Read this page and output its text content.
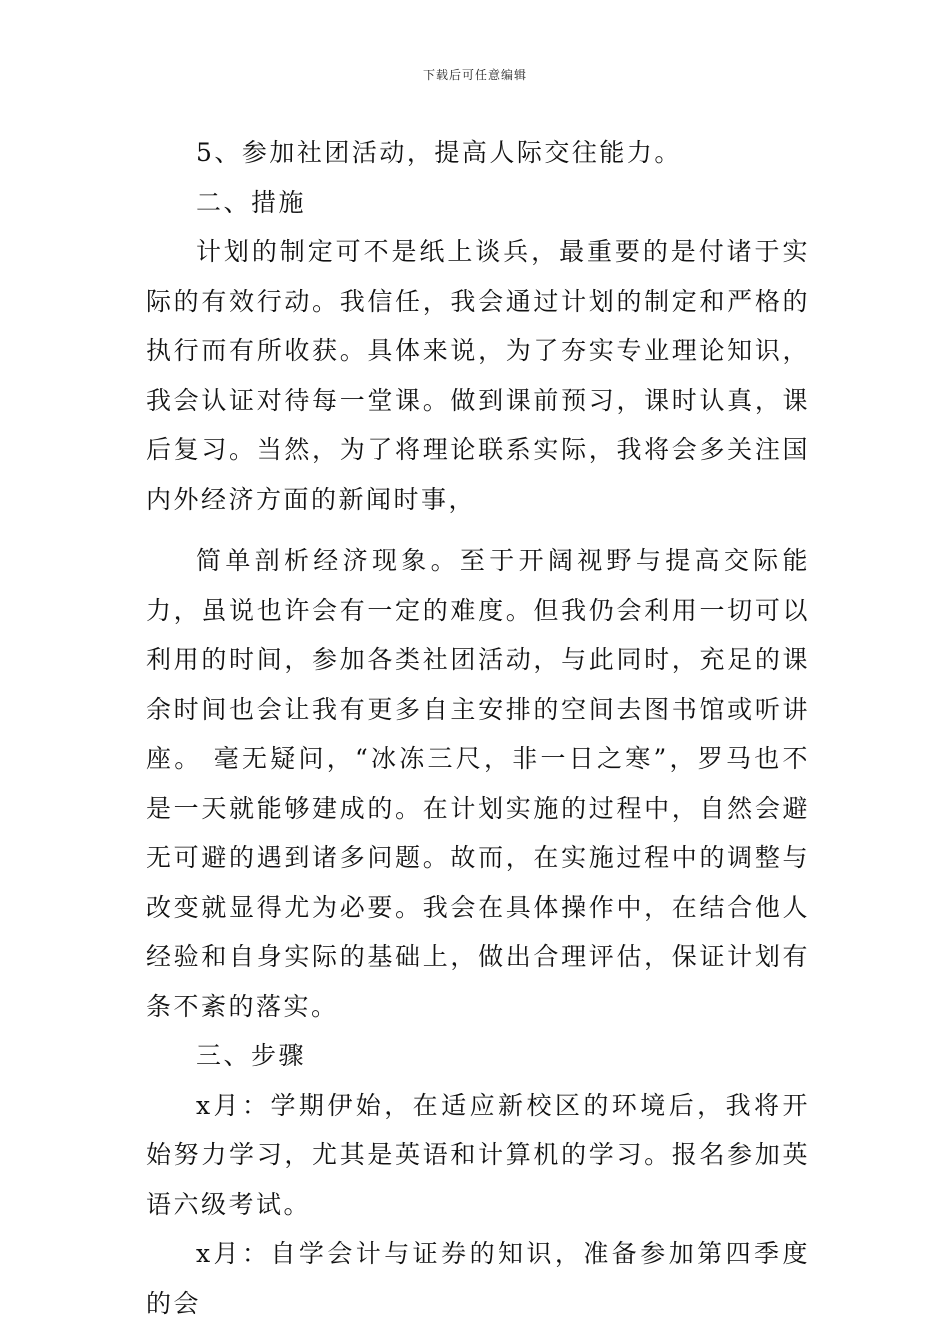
下载后可任意编辑

5、参加社团活动，提高人际交往能力。

二、措施

计划的制定可不是纸上谈兵，最重要的是付诸于实际的有效行动。我信任，我会通过计划的制定和严格的执行而有所收获。具体来说，为了夯实专业理论知识，我会认证对待每一堂课。做到课前预习，课时认真，课后复习。当然，为了将理论联系实际，我将会多关注国内外经济方面的新闻时事，

简单剖析经济现象。至于开阔视野与提高交际能力，虽说也许会有一定的难度。但我仍会利用一切可以利用的时间，参加各类社团活动，与此同时，充足的课余时间也会让我有更多自主安排的空间去图书馆或听讲座。 毫无疑问，“冰冻三尺，非一日之寒”，罗马也不是一天就能够建成的。在计划实施的过程中，自然会避无可避的遇到诸多问题。故而，在实施过程中的调整与改变就显得尤为必要。我会在具体操作中，在结合他人经验和自身实际的基础上，做出合理评估，保证计划有条不紊的落实。

三、步骤

x月：学期伊始，在适应新校区的环境后，我将开始努力学习，尤其是英语和计算机的学习。报名参加英语六级考试。

x月：自学会计与证券的知识，准备参加第四季度的会
